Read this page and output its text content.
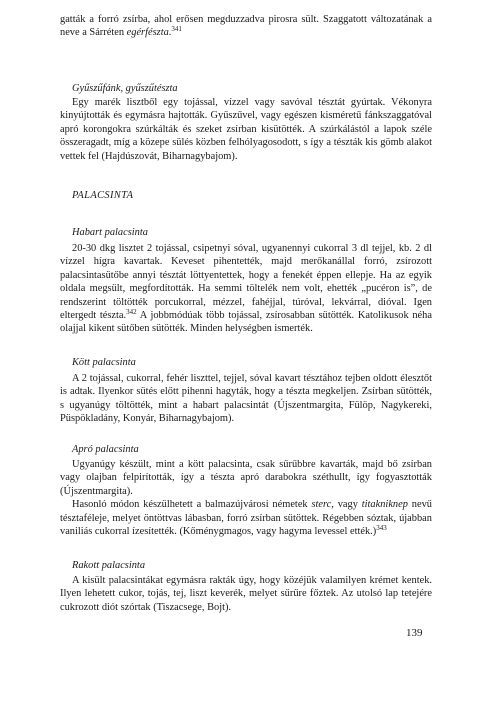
gatták a forró zsírba, ahol erősen megduzzadva pirosra sült. Szaggatott változatának a neve a Sárréten egérfészta.$^{341}$

Gyűszűfánk, gyűszűtészta

Egy marék lisztből egy tojással, vízzel vagy savóval tésztát gyúrtak. Vékonyra kinyújtották és egymásra hajtották. Gyűszűvel, vagy egészen kisméretű fánkszaggatóval apró korongokra szúrkálták és szeket zsírban kisütötték. A szúrkálástól a lapok széle összeragadt, míg a közepe sülés közben felhólyagosodott, s így a tészták kis gömb alakot vettek fel (Hajdúszovát, Biharnagybajom).

PALACSINTA
Habart palacsinta

20-30 dkg lisztet 2 tojással, csipetnyi sóval, ugyanennyi cukorral 3 dl tejjel, kb. 2 dl vízzel hígra kavartak. Keveset pihentették, majd merőkanállal forró, zsírozott palacsintasütőbe annyi tésztát löttyentettek, hogy a fenekét éppen ellepje. Ha az egyik oldala megsült, megfordították. Ha semmi töltelék nem volt, ehették „pucéron is”, de rendszerint töltötték porcukorral, mézzel, fahéjjal, túróval, lekvárral, dióval. Igen eltergedt tészta.$^{342}$ A jobbmódúak több tojással, zsírosabban sütötték. Katolikusok néha olajjal kikent sütőben sütötték. Minden helységben ismerték.

Kött palacsinta

A 2 tojással, cukorral, fehér liszttel, tejjel, sóval kavart tésztához tejben oldott élesztőt is adtak. Ilyenkor sütés előtt pihenni hagyták, hogy a tészta megkeljen. Zsírban sütötték, s ugyanúgy töltötték, mint a habart palacsintát (Újszentmargita, Fülöp, Nagykereki, Püspökladány, Konyár, Biharnagybajom).

Apró palacsinta

Ugyanúgy készült, mint a kött palacsinta, csak sűrűbbre kavarták, majd bő zsírban vagy olajban felpirították, így a tészta apró darabokra széthullt, így fogyasztották (Újszentmargita).

Hasonló módon készülhetett a balmazújvárosi németek sterc, vagy titakniknep nevű tésztaféleje, melyet öntöttvas lábasban, forró zsírban sütöttek. Régebben sóztak, újabban vaniliás cukorral ízesítették. (Kőménygmagos, vagy hagyma levessel ették.)$^{343}$

Rakott palacsinta

A kisült palacsintákat egymásra rakták úgy, hogy közéjük valamilyen krémet kentek. Ilyen lehetett cukor, tojás, tej, liszt keverék, melyet sűrűre főztek. Az utolsó lap tetejére cukrozott diót szórtak (Tiszacsege, Bojt).

139
